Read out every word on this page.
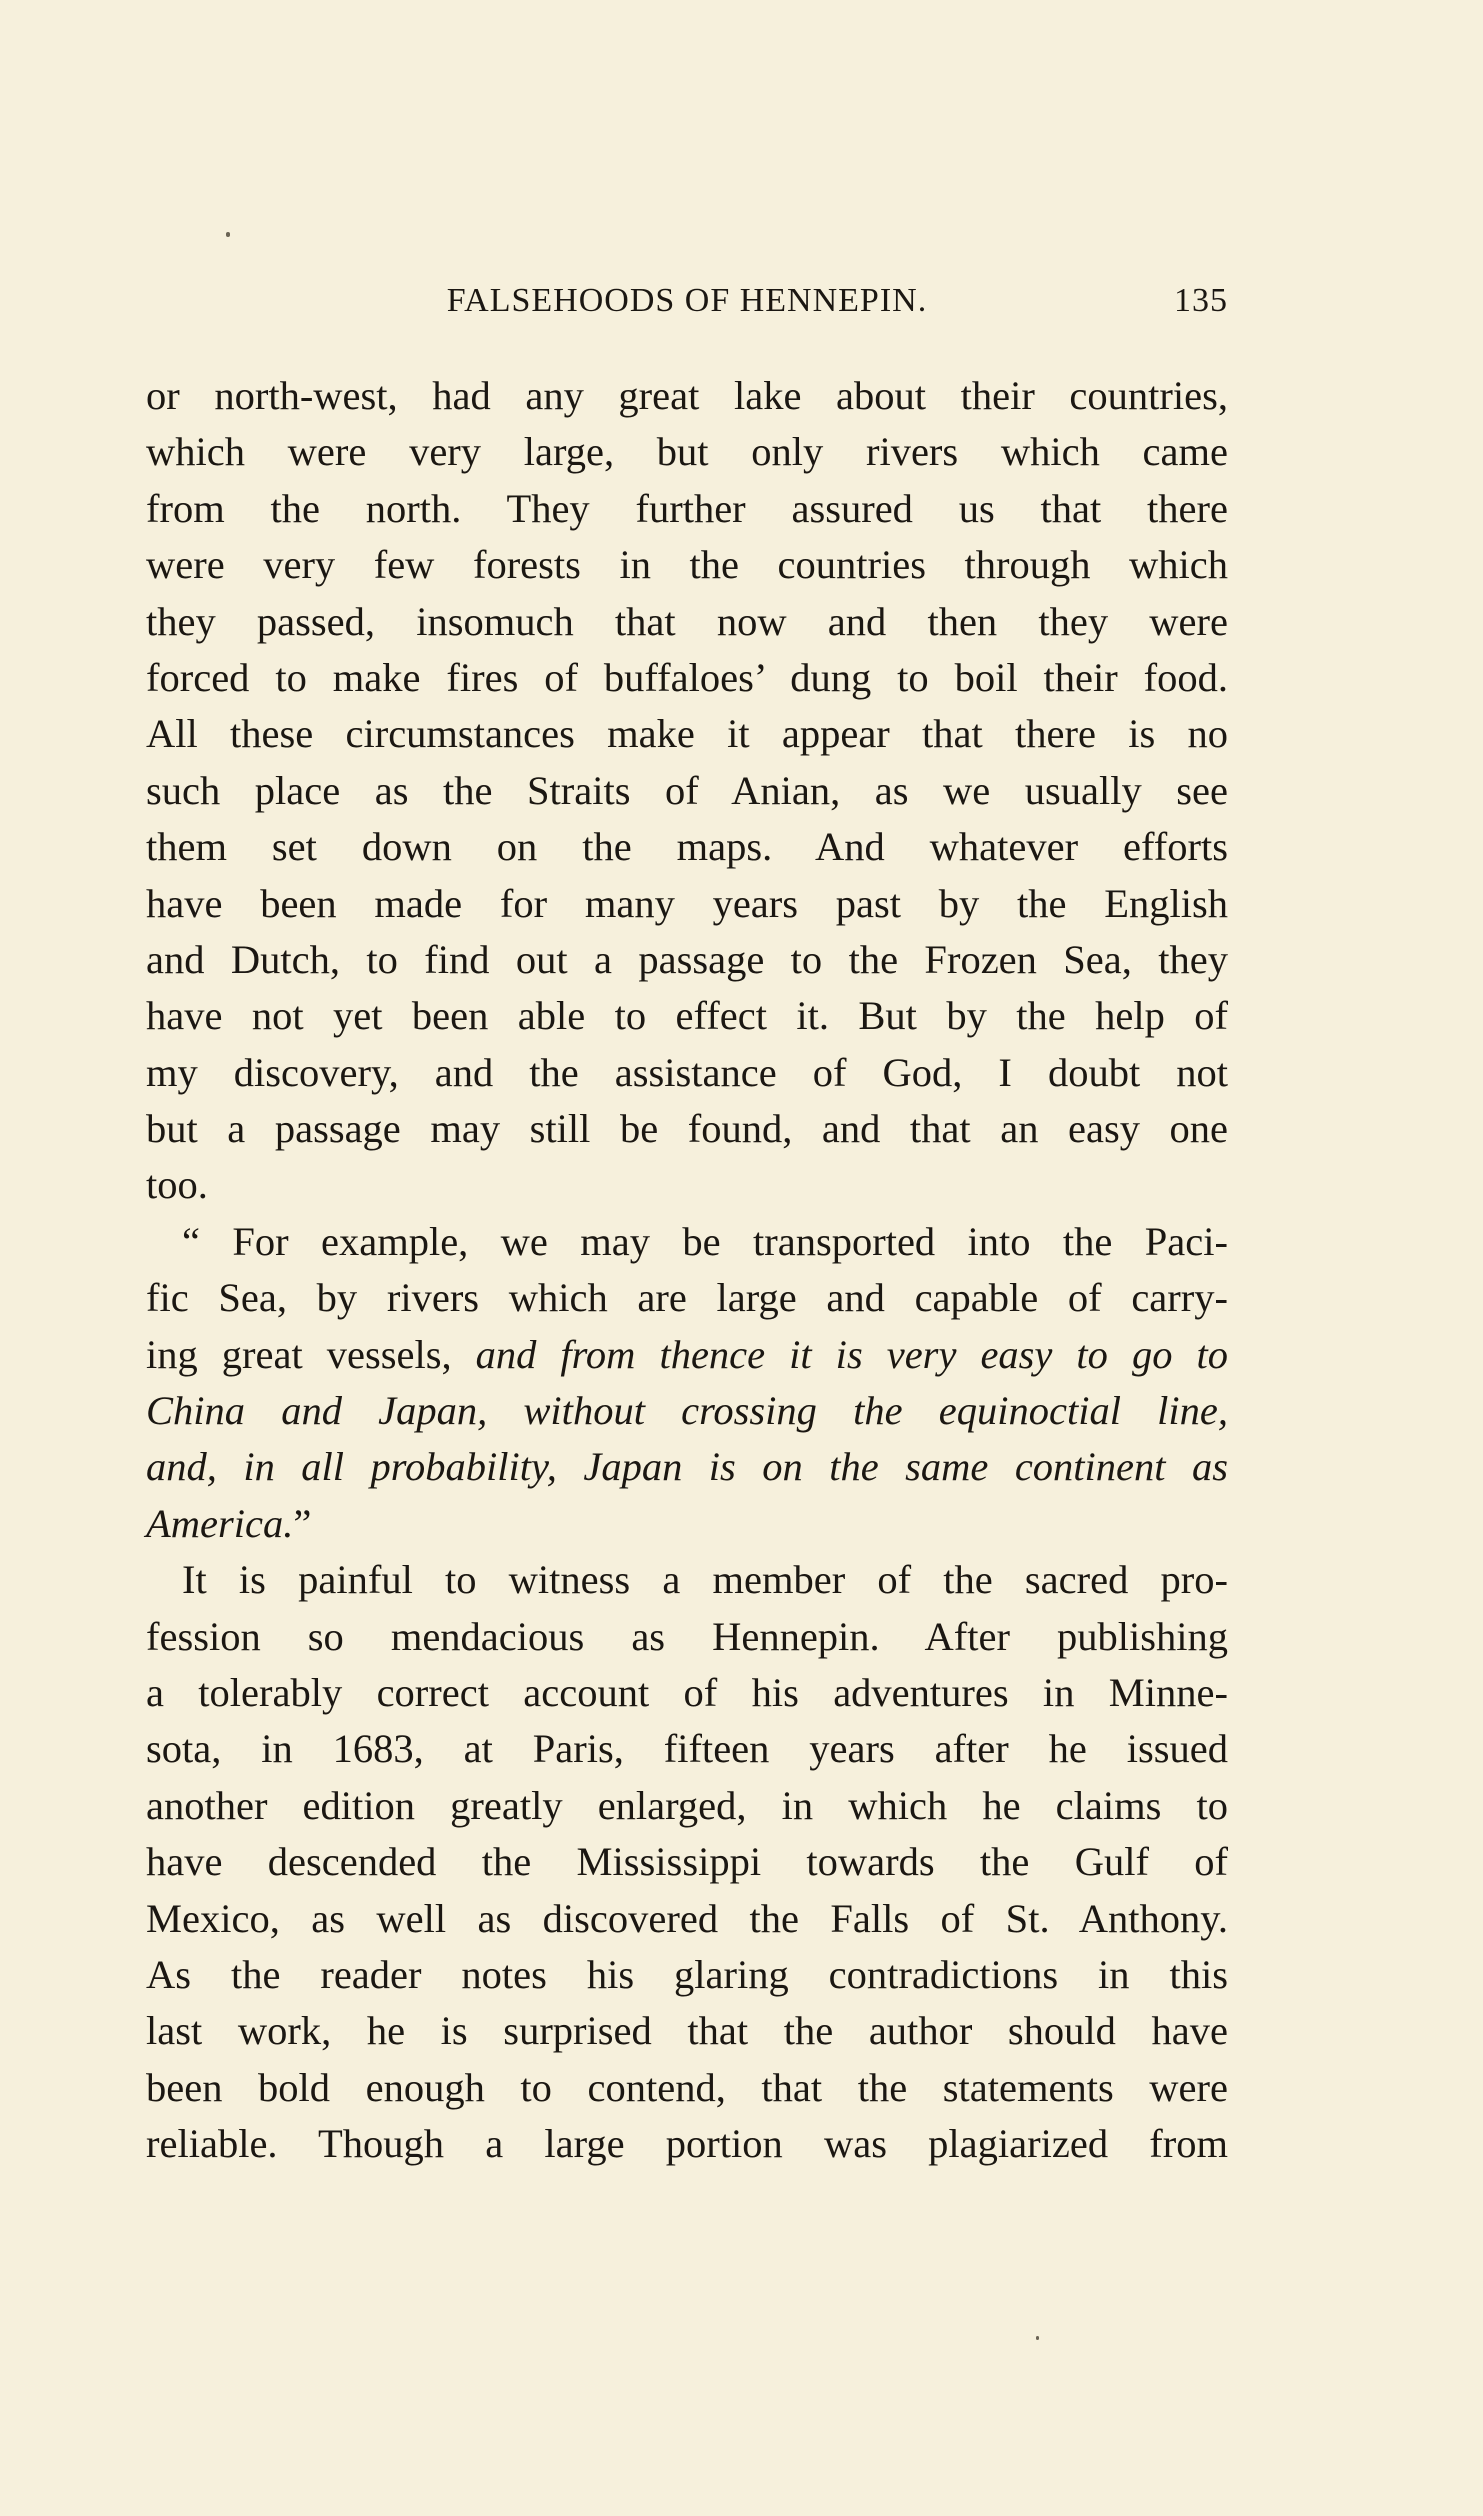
FALSEHOODS OF HENNEPIN.	135
or north-west, had any great lake about their countries,
which were very large, but only rivers which came
from the north. They further assured us that there
were very few forests in the countries through which
they passed, insomuch that now and then they were
forced to make fires of buffaloes’ dung to boil their food.
All these circumstances make it appear that there is no
such place as the Straits of Anian, as we usually see
them set down on the maps. And whatever efforts
have been made for many years past by the English
and Dutch, to find out a passage to the Frozen Sea, they
have not yet been able to effect it. But by the help of
my discovery, and the assistance of God, I doubt not
but a passage may still be found, and that an easy one
too.
“ For example, we may be transported into the Paci-
fic Sea, by rivers which are large and capable of carry-
ing great vessels, and from thence it is very easy to go to
China and Japan, without crossing the equinoctial line,
and, in all probability, Japan is on the same continent as
America.”
It is painful to witness a member of the sacred pro-
fession so mendacious as Hennepin. After publishing
a tolerably correct account of his adventures in Minne-
sota, in 1683, at Paris, fifteen years after he issued
another edition greatly enlarged, in which he claims to
have descended the Mississippi towards the Gulf of
Mexico, as well as discovered the Falls of St. Anthony.
As the reader notes his glaring contradictions in this
last work, he is surprised that the author should have
been bold enough to contend, that the statements were
reliable. Though a large portion was plagiarized from
